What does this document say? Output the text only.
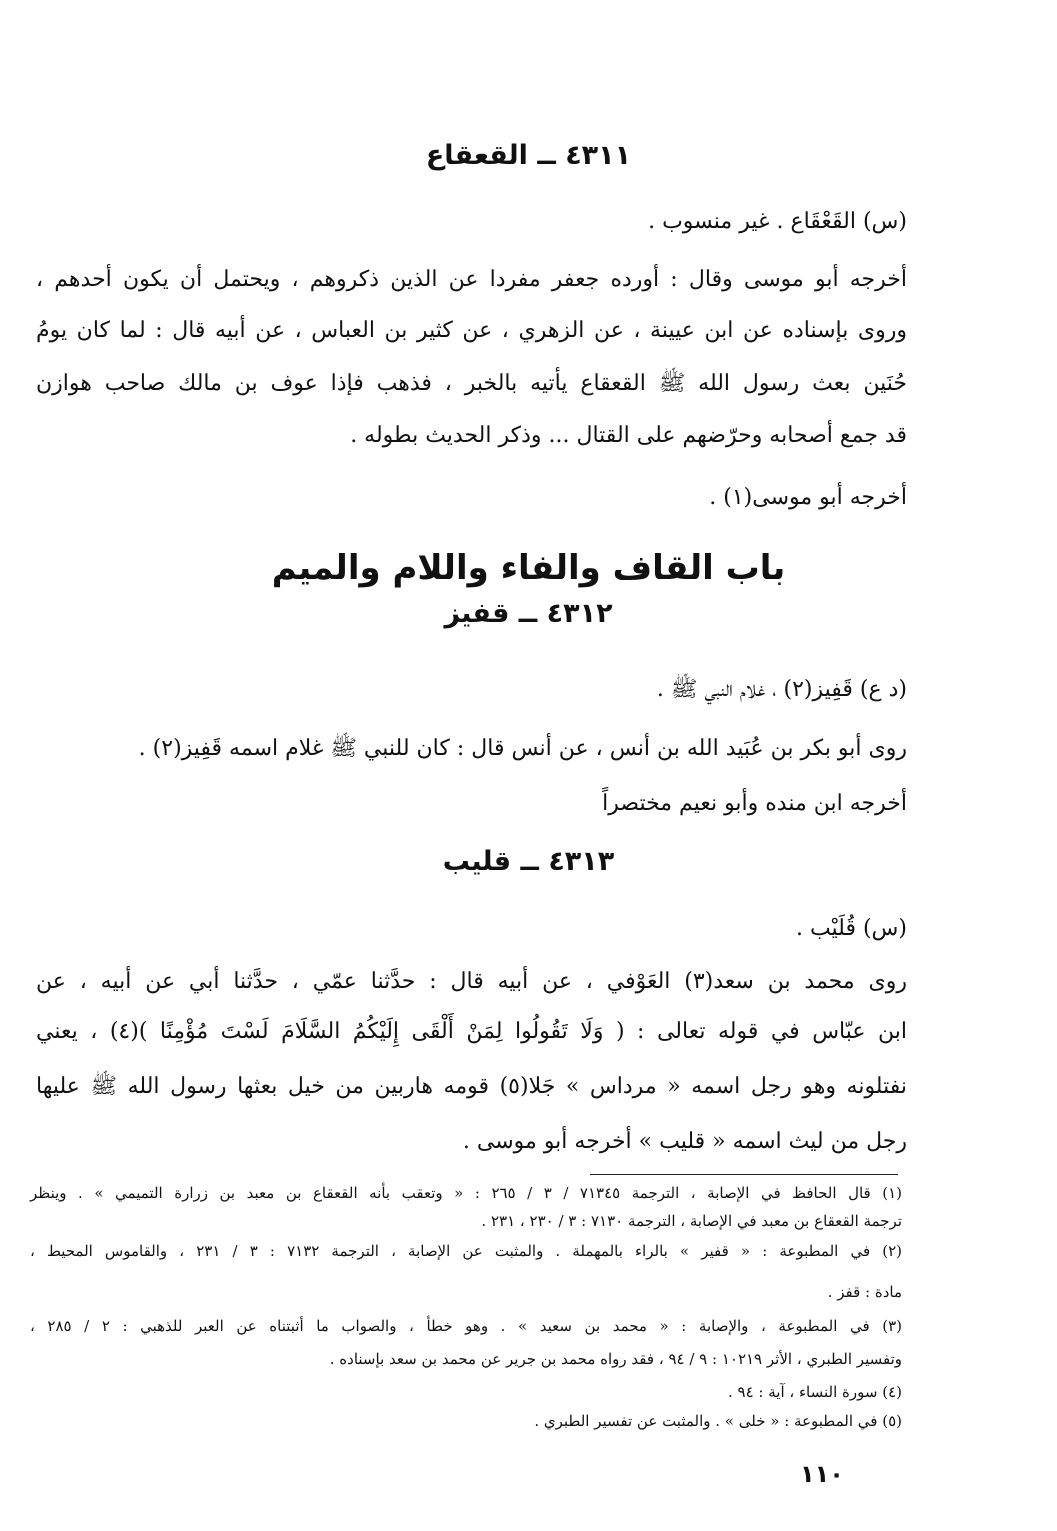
٤٣١١ ــ القعقاع
(س) القَعْقَاع . غير منسوب .
أخرجه أبو موسى وقال : أورده جعفر مفردا عن الذين ذكروهم ، ويحتمل أن يكون أحدهم ،
وروى بإسناده عن ابن عيينة ، عن الزهري ، عن كثير بن العباس ، عن أبيه قال : لما كان يومُ
حُنَين بعث رسول الله ﷺ القعقاع يأتيه بالخبر ، فذهب فإذا عوف بن مالك صاحب هوازن
قد جمع أصحابه وحرّضهم على القتال ... وذكر الحديث بطوله .
أخرجه أبو موسى(١) .
باب القاف والفاء واللام والميم
٤٣١٢ ــ قفيز
(د ع) قَفِيز(٢) ، غلام النبي ﷺ .
روى أبو بكر بن عُبَيد الله بن أنس ، عن أنس قال : كان للنبي ﷺ غلام اسمه قَفِيز(٢) .
أخرجه ابن منده وأبو نعيم مختصراً
٤٣١٣ ــ قليب
(س) قُلَيْب .
روى محمد بن سعد(٣) العَوْفي ، عن أبيه قال : حدَّثنا عمّي ، حدَّثنا أبي عن أبيه ، عن
ابن عبّاس في قوله تعالى : ( وَلَا تَقُولُوا لِمَنْ أَلْقَى إِلَيْكُمُ السَّلَامَ لَسْتَ مُؤْمِنًا )(٤) ، يعني
نفتلونه وهو رجل اسمه « مرداس » جَلا(٥) قومه هاربين من خيل بعثها رسول الله ﷺ عليها
رجل من ليث اسمه « قليب » أخرجه أبو موسى .
(١) قال الحافظ في الإصابة ، الترجمة ٧١٣٤٥ / ٣ / ٢٦٥ : « وتعقب بأنه القعقاع بن معبد بن زرارة التميمي » . وينظر
ترجمة القعقاع بن معبد في الإصابة ، الترجمة ٧١٣٠ : ٣ / ٢٣٠ ، ٢٣١ .
(٢) في المطبوعة : « قفير » بالراء بالمهملة . والمثبت عن الإصابة ، الترجمة ٧١٣٢ : ٣ / ٢٣١ ، والقاموس المحيط ،
مادة : قفز .
(٣) في المطبوعة ، والإصابة : « محمد بن سعيد » . وهو خطأ ، والصواب ما أثبتناه عن العبر للذهبي : ٢ / ٢٨٥ ،
وتفسير الطبري ، الأثر ١٠٢١٩ : ٩ / ٩٤ ، فقد رواه محمد بن جرير عن محمد بن سعد بإسناده .
(٤) سورة النساء ، آية : ٩٤ .
(٥) في المطبوعة : « خلى » . والمثبت عن تفسير الطبري .
١١٠
